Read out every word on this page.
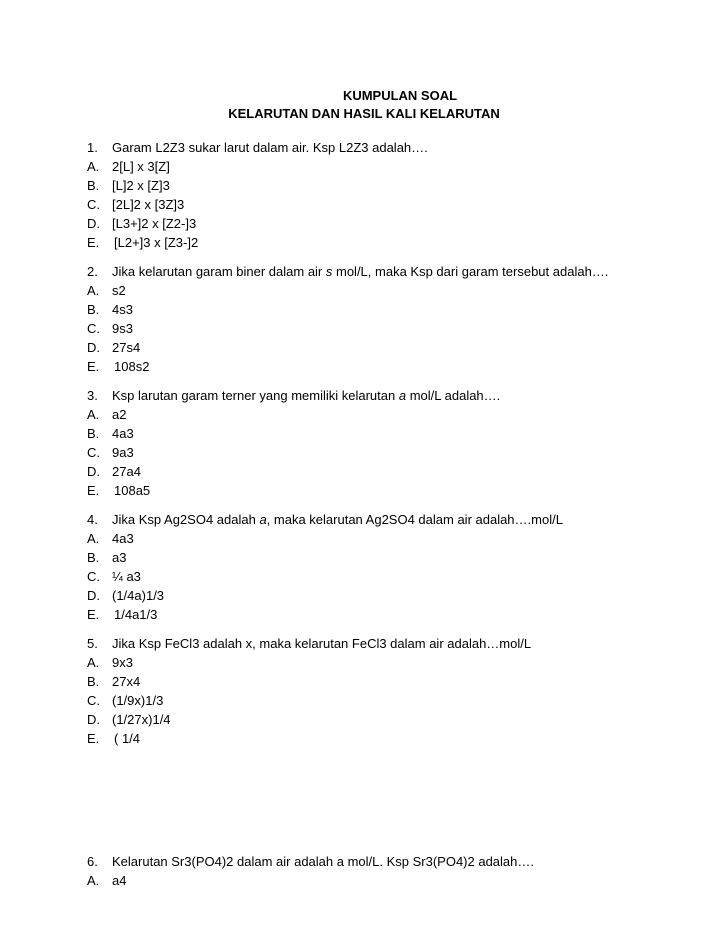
KUMPULAN SOAL
KELARUTAN DAN HASIL KALI KELARUTAN
1. Garam L2Z3 sukar larut dalam air. Ksp L2Z3 adalah….
A. 2[L] x 3[Z]
B. [L]2 x [Z]3
C. [2L]2 x [3Z]3
D. [L3+]2 x [Z2-]3
E. [L2+]3 x [Z3-]2
2. Jika kelarutan garam biner dalam air s mol/L, maka Ksp dari garam tersebut adalah….
A. s2
B. 4s3
C. 9s3
D. 27s4
E. 108s2
3. Ksp larutan garam terner yang memiliki kelarutan a mol/L adalah….
A. a2
B. 4a3
C. 9a3
D. 27a4
E. 108a5
4. Jika Ksp Ag2SO4 adalah a, maka kelarutan Ag2SO4 dalam air adalah….mol/L
A. 4a3
B. a3
C. ¼ a3
D. (1/4a)1/3
E. 1/4a1/3
5. Jika Ksp FeCl3 adalah x, maka kelarutan FeCl3 dalam air adalah…mol/L
A. 9x3
B. 27x4
C. (1/9x)1/3
D. (1/27x)1/4
E. ( 1/4
6. Kelarutan Sr3(PO4)2 dalam air adalah a mol/L. Ksp Sr3(PO4)2 adalah….
A. a4
